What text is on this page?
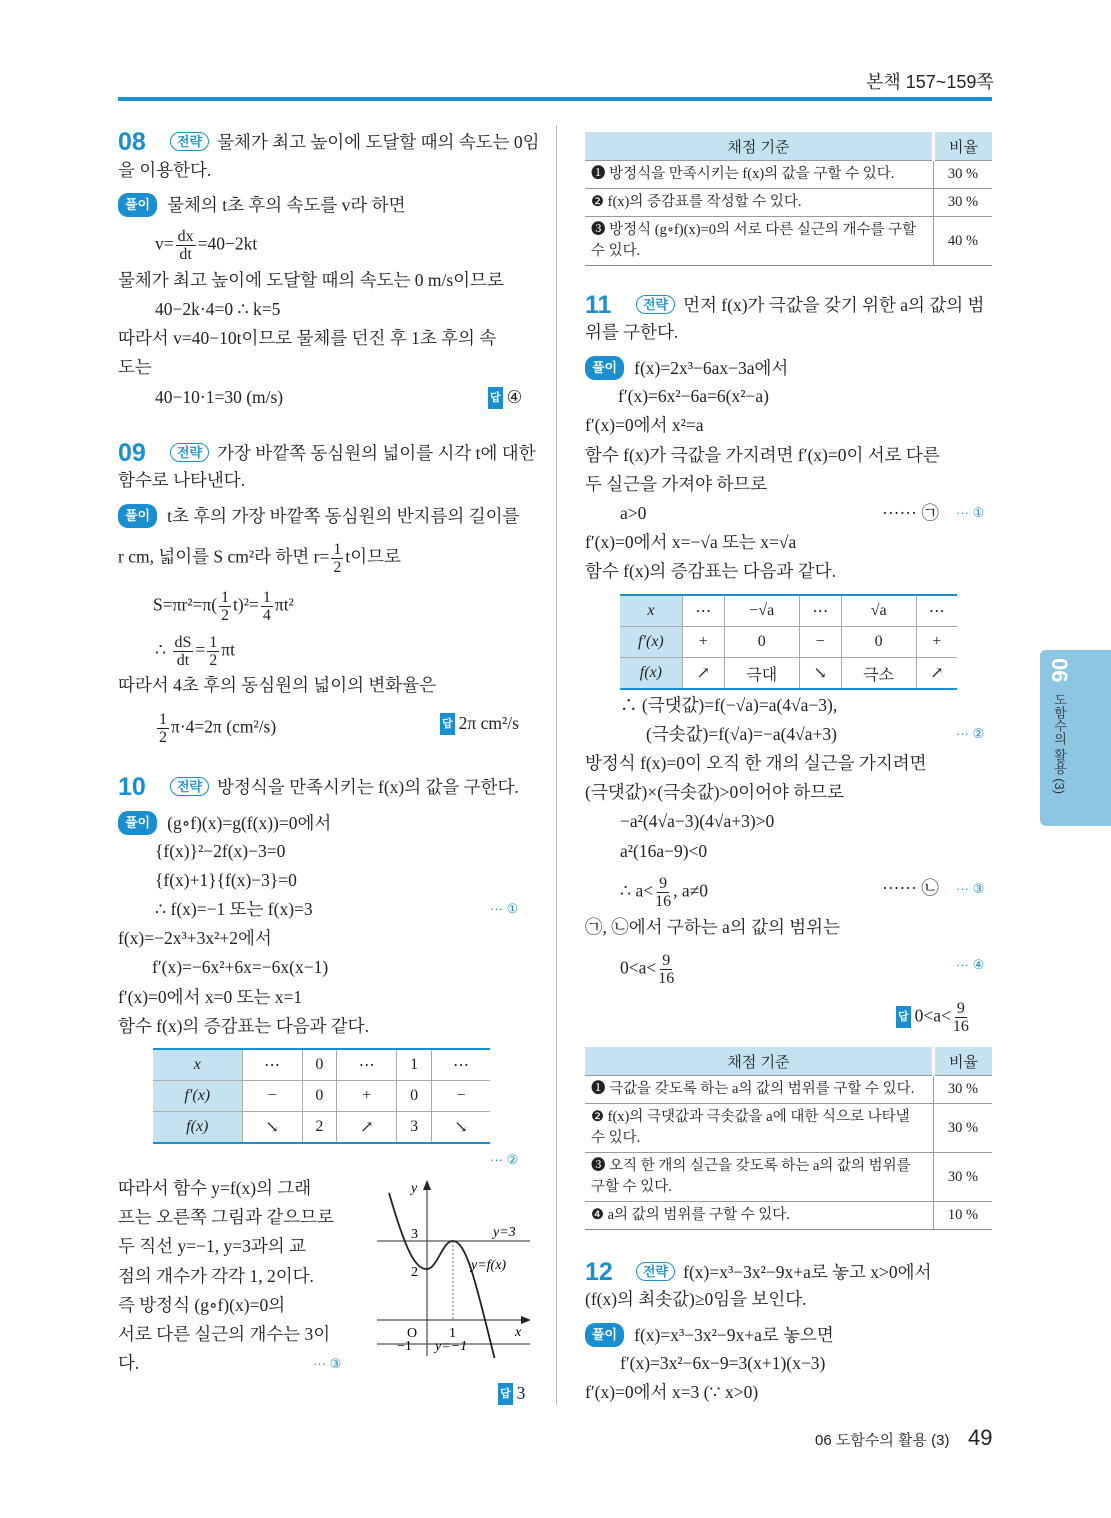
본책 157~159쪽
08	전략 물체가 최고 높이에 도달할 때의 속도는 0임
을 이용한다.
풀이 물체의 t초 후의 속도를 v라 하면
$v= \frac{dx}{dt} =40-2kt$
물체가 최고 높이에 도달할 때의 속도는 0 m/s이므로
40−2k·4=0 ∴ k=5
따라서 v=40−10t이므로 물체를 던진 후 1초 후의 속
도는
40−10·1=30 (m/s)	답 ④
09	전략 가장 바깥쪽 동심원의 넓이를 시각 t에 대한
함수로 나타낸다.
풀이 t초 후의 가장 바깥쪽 동심원의 반지름의 길이를
r cm, 넓이를 S cm²라 하면 $r= \frac{1}{2}$ t이므로
$S=\pi r^2=\pi( \frac{1}{2} t)^2= \frac{1}{4} \pi t^2$
∴ $\frac{dS}{dt} = \frac{1}{2}$ πt
따라서 4초 후의 동심원의 넓이의 변화율은
$\frac{1}{2} \pi\cdot 4=2\pi$ (cm²/s)	답 2π cm²/s
10	전략 방정식을 만족시키는 f(x)의 값을 구한다.
풀이 (g∘f)(x)=g(f(x))=0에서
{f(x)}²−2f(x)−3=0
{f(x)+1}{f(x)−3}=0
∴ f(x)=−1 또는 f(x)=3	··· ①
f(x)=−2x³+3x²+2에서
f′(x)=−6x²+6x=−6x(x−1)
f′(x)=0에서 x=0 또는 x=1
함수 f(x)의 증감표는 다음과 같다.
x	⋯	0	⋯	1	⋯
f′(x)	−	0	+	0	−
f(x)	↘	2	↗	3	↘
··· ②
따라서 함수 y=f(x)의 그래
프는 오른쪽 그림과 같으므로
두 직선 y=−1, y=3과의 교
점의 개수가 각각 1, 2이다.
즉 방정식 (g∘f)(x)=0의
서로 다른 실근의 개수는 3이
다.	··· ③
y
x
O
3
2
1
−1
y=3
y=−1
y=f(x)
답 3
채점 기준	비율
❶ 방정식을 만족시키는 f(x)의 값을 구할 수 있다.	30 %
❷ f(x)의 증감표를 작성할 수 있다.	30 %
❸ 방정식 (g∘f)(x)=0의 서로 다른 실근의 개수를 구할 수 있다.	40 %
11	전략 먼저 f(x)가 극값을 갖기 위한 a의 값의 범
위를 구한다.
풀이 f(x)=2x³−6ax−3a에서
f′(x)=6x²−6a=6(x²−a)
f′(x)=0에서 x²=a
함수 f(x)가 극값을 가지려면 f′(x)=0이 서로 다른
두 실근을 가져야 하므로
a>0	······ ㉠ ··· ①
f′(x)=0에서 x=−√a 또는 x=√a
함수 f(x)의 증감표는 다음과 같다.
x	⋯	−√a	⋯	√a	⋯
f′(x)	+	0	−	0	+
f(x)	↗	극대	↘	극소	↗
∴ (극댓값)=f(−√a)=a(4√a−3),
(극솟값)=f(√a)=−a(4√a+3)	··· ②
방정식 f(x)=0이 오직 한 개의 실근을 가지려면
(극댓값)×(극솟값)>0이어야 하므로
−a²(4√a−3)(4√a+3)>0
a²(16a−9)<0
∴ $a< \frac{9}{16}$ , a≠0	······ ㉡ ··· ③
㉠, ㉡에서 구하는 a의 값의 범위는
$0<a< \frac{9}{16}$	··· ④
답 $0<a< \frac{9}{16}$
채점 기준	비율
❶ 극값을 갖도록 하는 a의 값의 범위를 구할 수 있다.	30 %
❷ f(x)의 극댓값과 극솟값을 a에 대한 식으로 나타낼 수 있다.	30 %
❸ 오직 한 개의 실근을 갖도록 하는 a의 값의 범위를 구할 수 있다.	30 %
❹ a의 값의 범위를 구할 수 있다.	10 %
12	전략 f(x)=x³−3x²−9x+a로 놓고 x>0에서
(f(x)의 최솟값)≥0임을 보인다.
풀이 f(x)=x³−3x²−9x+a로 놓으면
f′(x)=3x²−6x−9=3(x+1)(x−3)
f′(x)=0에서 x=3 (∵ x>0)
06 도함수의 활용 (3)
06 도함수의 활용 (3) 49
